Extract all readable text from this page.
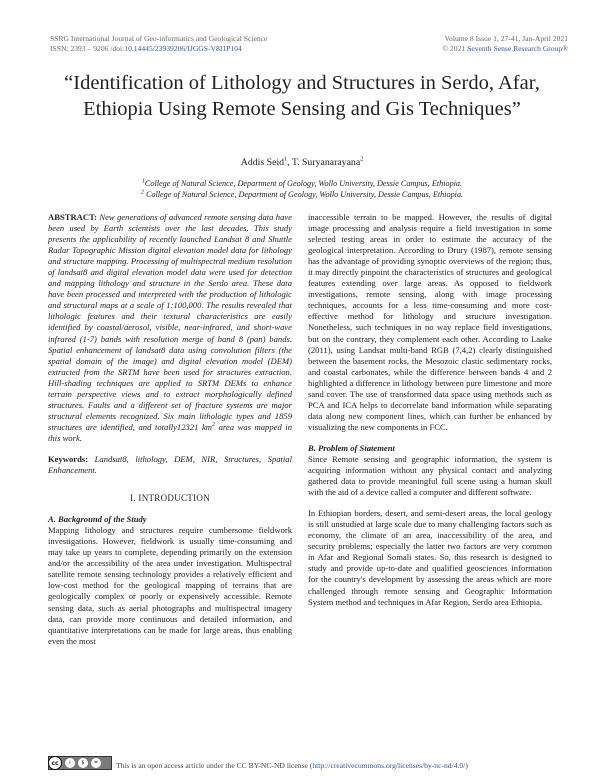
SSRG International Journal of Geo-informatics and Geological Science
ISSN: 2393 – 9206 /doi:10.14445/23939206/IJGGS-V8I1P104
Volume 8 Issue 1, 27-41, Jan-April 2021
© 2021 Seventh Sense Research Group®
“Identification of Lithology and Structures in Serdo, Afar, Ethiopia Using Remote Sensing and Gis Techniques”
Addis Seid$^1$, T. Suryanarayana$^2$
$^1$College of Natural Science, Department of Geology, Wollo University, Dessie Campus, Ethiopia.
$^2$ College of Natural Science, Department of Geology, Wollo University, Dessie Campus, Ethiopia.

ABSTRACT: New generations of advanced remote sensing data have been used by Earth scientists over the last decades. This study presents the applicability of recently launched Landsat 8 and Shuttle Radar Topographic Mission digital elevation model data for lithology and structure mapping. Processing of multispectral medium resolution of landsat8 and digital elevation model data were used for detection and mapping lithology and structure in the Serdo area. These data have been processed and interpreted with the production of lithologic and structural maps at a scale of 1:100,000. The results revealed that lithologic features and their textural characteristics are easily identified by coastal/aerosol, visible, near-infrared, and short-wave infrared (1-7) bands with resolution merge of band 8 (pan) bands. Spatial enhancement of landsat8 data using convolution filters (the spatial domain of the image) and digital elevation model (DEM) extracted from the SRTM have been used for structures extraction. Hill-shading techniques are applied to SRTM DEMs to enhance terrain perspective views and to extract morphologically defined structures. Faults and a different set of fracture systems are major structural elements recognized. Six main lithologic types and 1859 structures are identified, and totally12321 $km^2$ area was mapped in this work.

Keywords: Landsat8, lithology, DEM, NIR, Structures, Spatial Enhancement.

I. INTRODUCTION

A. Background of the Study

Mapping lithology and structures require cumbersome fieldwork investigations. However, fieldwork is usually time-consuming and may take up years to complete, depending primarily on the extension and/or the accessibility of the area under investigation. Multispectral satellite remote sensing technology provides a relatively efficient and low-cost method for the geological mapping of terrains that are geologically complex or poorly or expensively accessible. Remote sensing data, such as aerial photographs and multispectral imagery data, can provide more continuous and detailed information, and quantitative interpretations can be made for large areas, thus enabling even the most

inaccessible terrain to be mapped. However, the results of digital image processing and analysis require a field investigation in some selected testing areas in order to estimate the accuracy of the geological interpretation. According to Drury (1987), remote sensing has the advantage of providing synoptic overviews of the region; thus, it may directly pinpoint the characteristics of structures and geological features extending over large areas. As opposed to fieldwork investigations, remote sensing, along with image processing techniques, accounts for a less time-consuming and more cost-effective method for lithology and structure investigation. Nonetheless, such techniques in no way replace field investigations, but on the contrary, they complement each other. According to Laake (2011), using Landsat multi-band RGB (7,4,2) clearly distinguished between the basement rocks, the Mesozoic clastic sedimentary rocks, and coastal carbonates, while the difference between bands 4 and 2 highlighted a difference in lithology between pure limestone and more sand cover. The use of transformed data space using methods such as PCA and ICA helps to decorrelate band information while separating data along new component lines, which can further be enhanced by visualizing the new components in FCC.

B. Problem of Statement

Since Remote sensing and geographic information, the system is acquiring information without any physical contact and analyzing gathered data to provide meaningful full scene using a human skull with the aid of a device called a computer and different software.

In Ethiopian borders, desert, and semi-desert areas, the local geology is still unstudied at large scale due to many challenging factors such as economy, the climate of an area, inaccessibility of the area, and security problems; especially the latter two factors are very common in Afar and Regional Somali states. So, this research is designed to study and provide up-to-date and qualified geosciences information for the country's development by assessing the areas which are more challenged through remote sensing and Geographic Information System method and techniques in Afar Region, Serdo area Ethiopia.

cc	i	$	=	This is an open access article under the CC BY-NC-ND license (http://creativecommons.org/licenses/by-nc-nd/4.0/)
